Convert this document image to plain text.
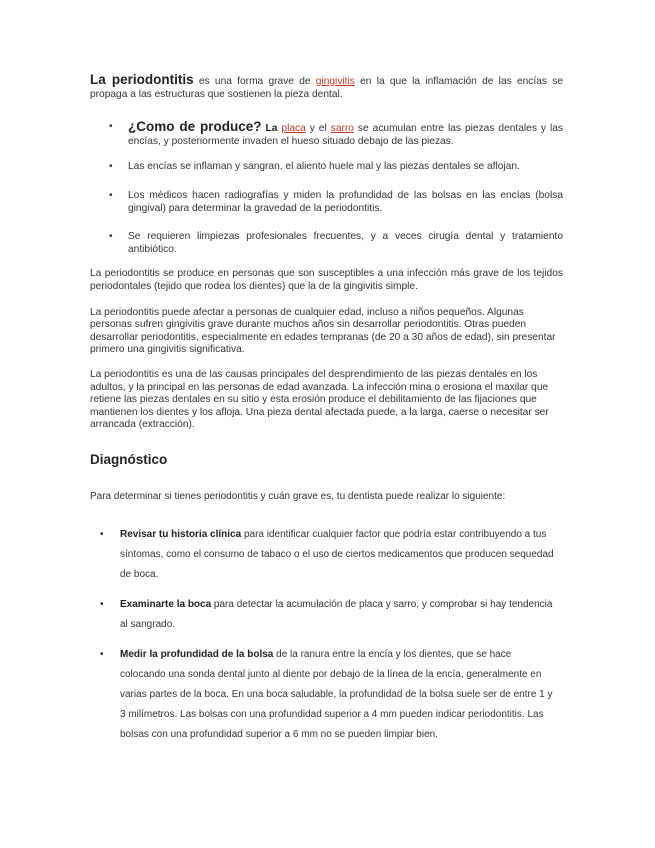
La periodontitis es una forma grave de gingivitis en la que la inflamación de las encías se propaga a las estructuras que sostienen la pieza dental.

• ¿Como de produce? La placa y el sarro se acumulan entre las piezas dentales y las encías, y posteriormente invaden el hueso situado debajo de las piezas.
• Las encías se inflaman y sangran, el aliento huele mal y las piezas dentales se aflojan.
• Los médicos hacen radiografías y miden la profundidad de las bolsas en las encías (bolsa gingival) para determinar la gravedad de la periodontitis.
• Se requieren limpiezas profesionales frecuentes, y a veces cirugía dental y tratamiento antibiótico.

La periodontitis se produce en personas que son susceptibles a una infección más grave de los tejidos periodontales (tejido que rodea los dientes) que la de la gingivitis simple.

La periodontitis puede afectar a personas de cualquier edad, incluso a niños pequeños. Algunas personas sufren gingivitis grave durante muchos años sin desarrollar periodontitis. Otras pueden desarrollar periodontitis, especialmente en edades tempranas (de 20 a 30 años de edad), sin presentar primero una gingivitis significativa.

La periodontitis es una de las causas principales del desprendimiento de las piezas dentales en los adultos, y la principal en las personas de edad avanzada. La infección mina o erosiona el maxilar que retiene las piezas dentales en su sitio y esta erosión produce el debilitamiento de las fijaciones que mantienen los dientes y los afloja. Una pieza dental afectada puede, a la larga, caerse o necesitar ser arrancada (extracción).

Diagnóstico

Para determinar si tienes periodontitis y cuán grave es, tu dentista puede realizar lo siguiente:

• Revisar tu historia clínica para identificar cualquier factor que podría estar contribuyendo a tus síntomas, como el consumo de tabaco o el uso de ciertos medicamentos que producen sequedad de boca.
• Examinarte la boca para detectar la acumulación de placa y sarro, y comprobar si hay tendencia al sangrado.
• Medir la profundidad de la bolsa de la ranura entre la encía y los dientes, que se hace colocando una sonda dental junto al diente por debajo de la línea de la encía, generalmente en varias partes de la boca. En una boca saludable, la profundidad de la bolsa suele ser de entre 1 y 3 milímetros. Las bolsas con una profundidad superior a 4 mm pueden indicar periodontitis. Las bolsas con una profundidad superior a 6 mm no se pueden limpiar bien.
